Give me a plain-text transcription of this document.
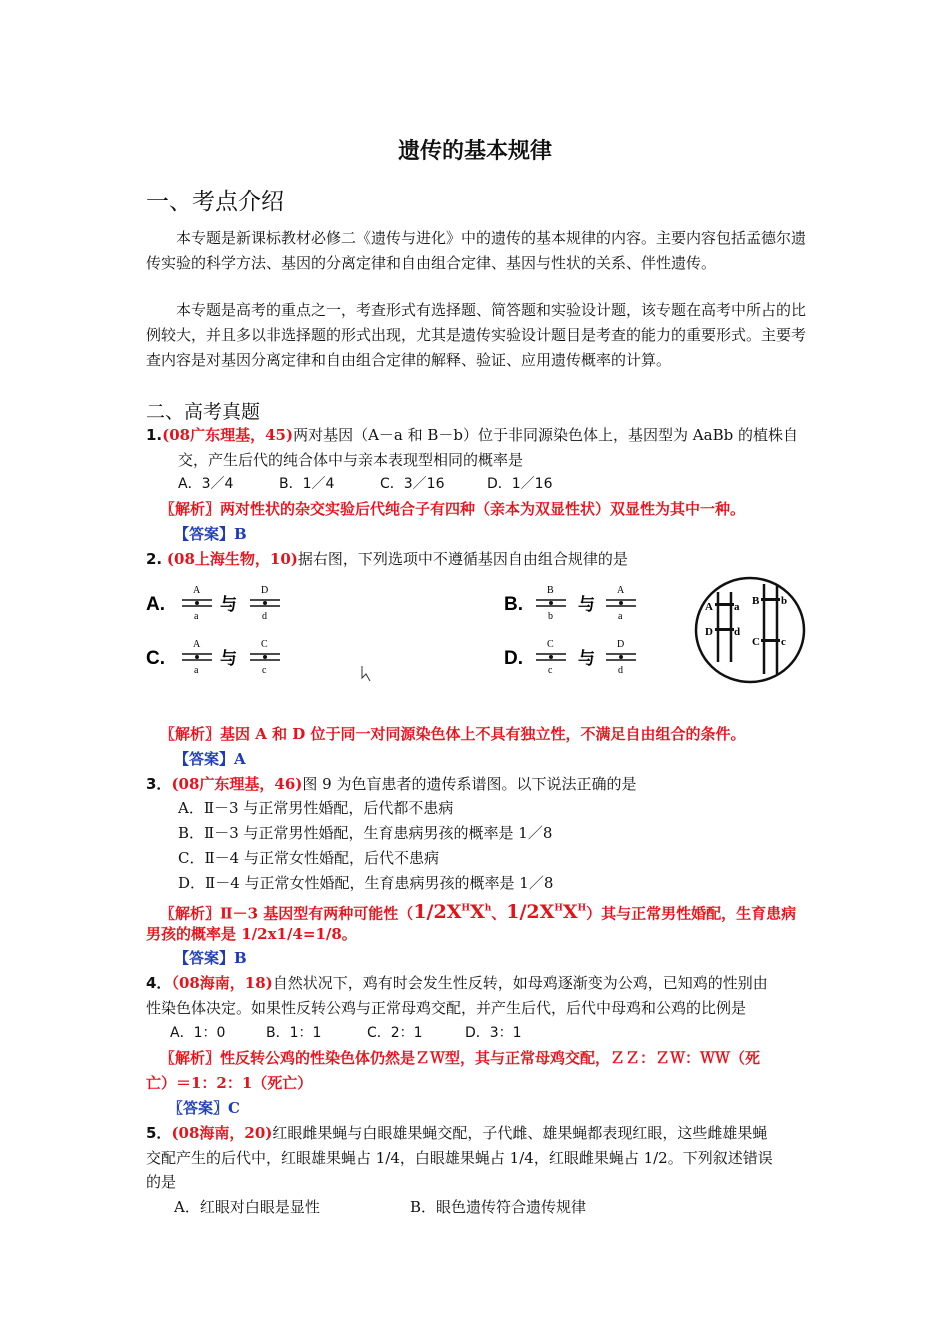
遗传的基本规律
一、考点介绍
本专题是新课标教材必修二《遗传与进化》中的遗传的基本规律的内容。主要内容包括孟德尔遗传实验的科学方法、基因的分离定律和自由组合定律、基因与性状的关系、伴性遗传。
本专题是高考的重点之一，考查形式有选择题、简答题和实验设计题，该专题在高考中所占的比例较大，并且多以非选择题的形式出现，尤其是遗传实验设计题目是考查的能力的重要形式。主要考查内容是对基因分离定律和自由组合定律的解释、验证、应用遗传概率的计算。
二、高考真题
1.(08广东理基，45)两对基因（A－a 和 B－b）位于非同源染色体上，基因型为 AaBb 的植株自
交，产生后代的纯合体中与亲本表现型相同的概率是
A．3／4	B．1／4	C．3／16	D．1／16
〖解析〗两对性状的杂交实验后代纯合子有四种（亲本为双显性状）双显性为其中一种。
【答案】B
2. (08上海生物，10)据右图，下列选项中不遵循基因自由组合规律的是
A.
A
a
与
D
d
C.
A
a
与
C
c
B.
B
b
与
A
a
D.
C
c
与
D
d
A a
D d
B b
C c
〖解析〗基因 A 和 D 位于同一对同源染色体上不具有独立性，不满足自由组合的条件。
【答案】A
3．(08广东理基，46)图 9 为色盲患者的遗传系谱图。以下说法正确的是
A．Ⅱ－3 与正常男性婚配，后代都不患病
B．Ⅱ－3 与正常男性婚配，生育患病男孩的概率是 1／8
C．Ⅱ－4 与正常女性婚配，后代不患病
D．Ⅱ－4 与正常女性婚配，生育患病男孩的概率是 1／8
〖解析〗Ⅱ－3 基因型有两种可能性（$1/2X^HX^h$、$1/2X^HX^H$）其与正常男性婚配，生育患病
男孩的概率是 1/2x1/4=1/8。
【答案】B
4．（08海南，18)自然状况下，鸡有时会发生性反转，如母鸡逐渐变为公鸡，已知鸡的性别由
性染色体决定。如果性反转公鸡与正常母鸡交配，并产生后代，后代中母鸡和公鸡的比例是
A．1：0	B．1：1	C．2：1	D．3：1
〖解析〗性反转公鸡的性染色体仍然是ＺＷ型，其与正常母鸡交配，ＺＺ：ＺＷ：ＷＷ（死
亡）＝1：2：1（死亡）
〖答案〗C
5．(08海南，20)红眼雌果蝇与白眼雄果蝇交配，子代雌、雄果蝇都表现红眼，这些雌雄果蝇
交配产生的后代中，红眼雄果蝇占 1/4，白眼雄果蝇占 1/4，红眼雌果蝇占 1/2。下列叙述错误
的是
A．红眼对白眼是显性	B．眼色遗传符合遗传规律
